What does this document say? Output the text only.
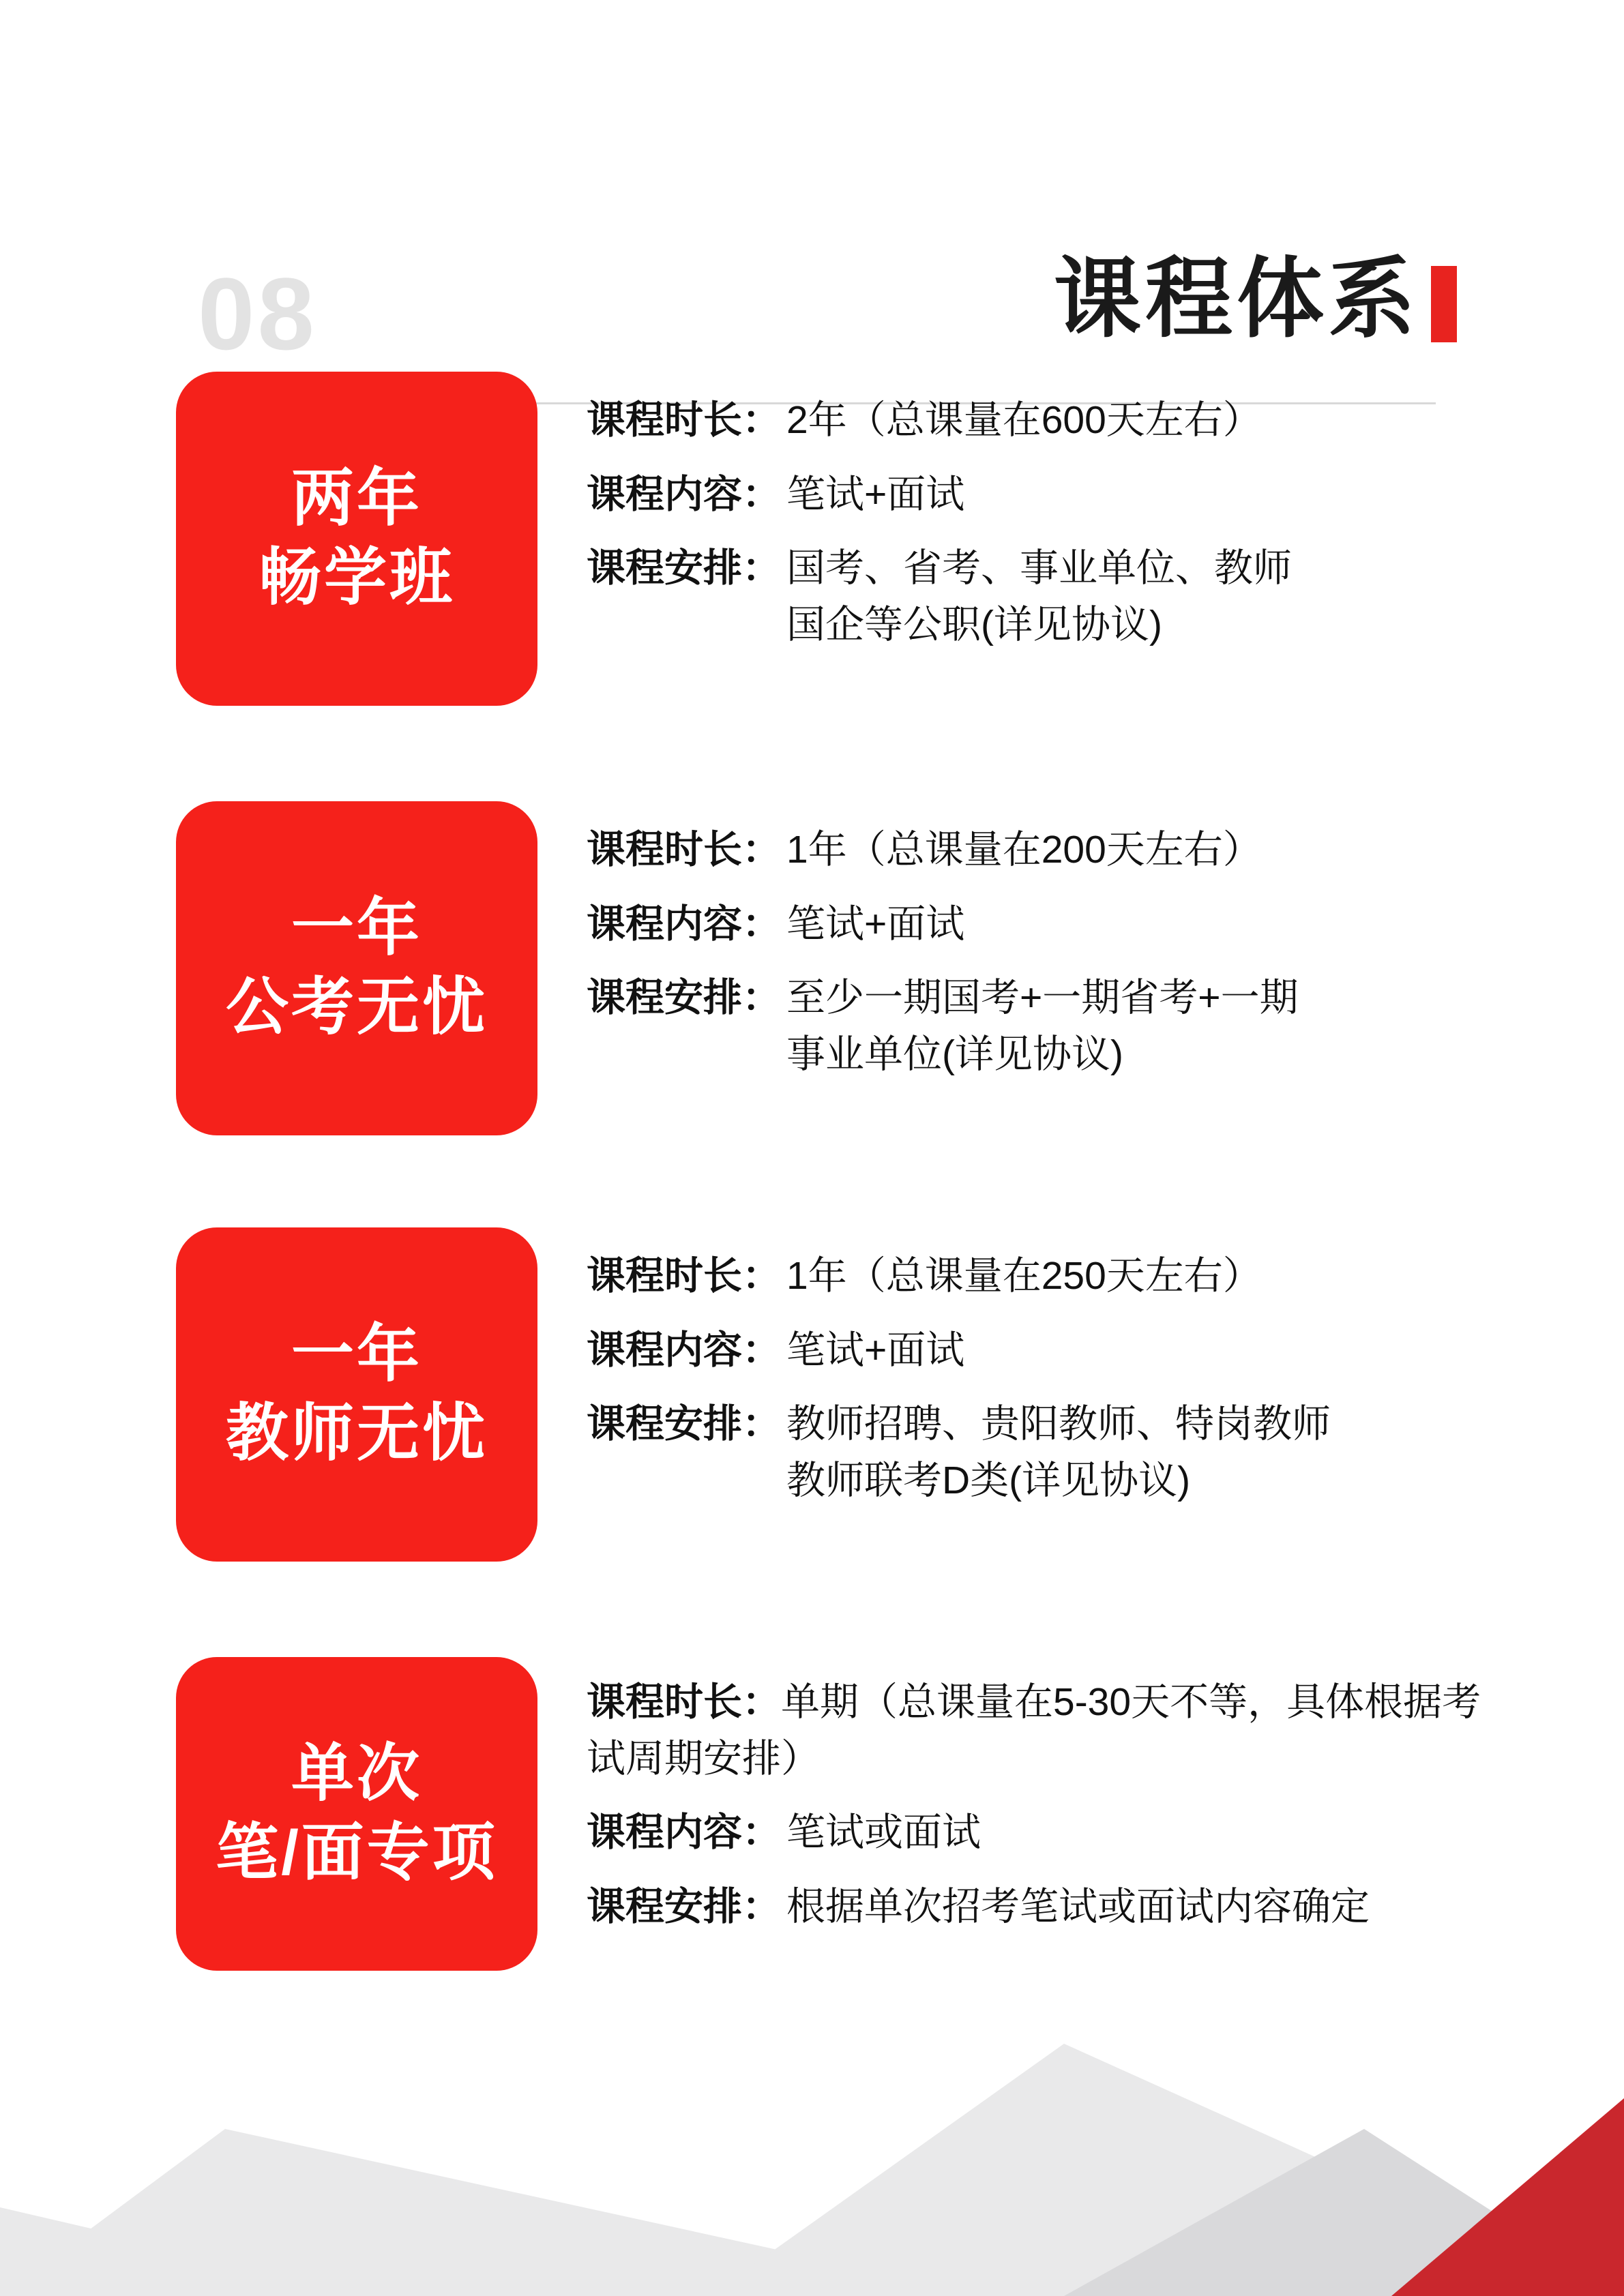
08	课程体系
两年
畅学班
课程时长： 2年（总课量在600天左右）
课程内容： 笔试+面试
课程安排： 国考、省考、事业单位、教师
国企等公职(详见协议)
一年
公考无忧
课程时长： 1年（总课量在200天左右）
课程内容： 笔试+面试
课程安排： 至少一期国考+一期省考+一期
事业单位(详见协议)
一年
教师无忧
课程时长： 1年（总课量在250天左右）
课程内容： 笔试+面试
课程安排： 教师招聘、贵阳教师、特岗教师
教师联考D类(详见协议)
单次
笔/面专项
课程时长：单期（总课量在5-30天不等，具体根据考试周期安排）
课程内容： 笔试或面试
课程安排： 根据单次招考笔试或面试内容确定
